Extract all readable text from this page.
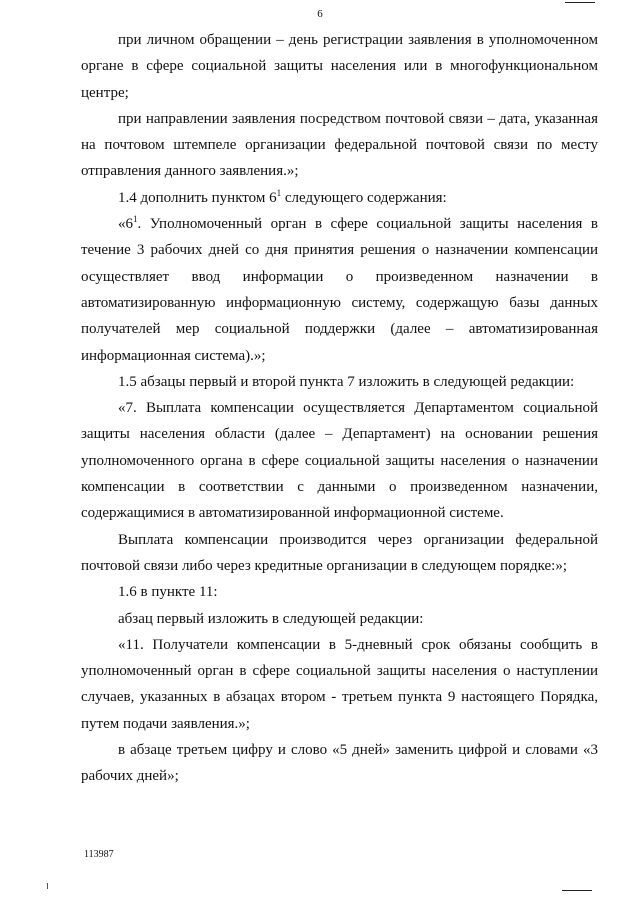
6

при личном обращении – день регистрации заявления в уполномоченном органе в сфере социальной защиты населения или в многофункциональном центре;

при направлении заявления посредством почтовой связи – дата, указанная на почтовом штемпеле организации федеральной почтовой связи по месту отправления данного заявления.»;

1.4 дополнить пунктом $6^1$ следующего содержания:

«$6^1$. Уполномоченный орган в сфере социальной защиты населения в течение 3 рабочих дней со дня принятия решения о назначении компенсации осуществляет ввод информации о произведенном назначении в автоматизированную информационную систему, содержащую базы данных получателей мер социальной поддержки (далее – автоматизированная информационная система).»;

1.5 абзацы первый и второй пункта 7 изложить в следующей редакции:

«7. Выплата компенсации осуществляется Департаментом социальной защиты населения области (далее – Департамент) на основании решения уполномоченного органа в сфере социальной защиты населения о назначении компенсации в соответствии с данными о произведенном назначении, содержащимися в автоматизированной информационной системе.

Выплата компенсации производится через организации федеральной почтовой связи либо через кредитные организации в следующем порядке:»;

1.6 в пункте 11:

абзац первый изложить в следующей редакции:

«11. Получатели компенсации в 5-дневный срок обязаны сообщить в уполномоченный орган в сфере социальной защиты населения о наступлении случаев, указанных в абзацах втором - третьем пункта 9 настоящего Порядка, путем подачи заявления.»;

в абзаце третьем цифру и слово «5 дней» заменить цифрой и словами «3 рабочих дней»;

113987
